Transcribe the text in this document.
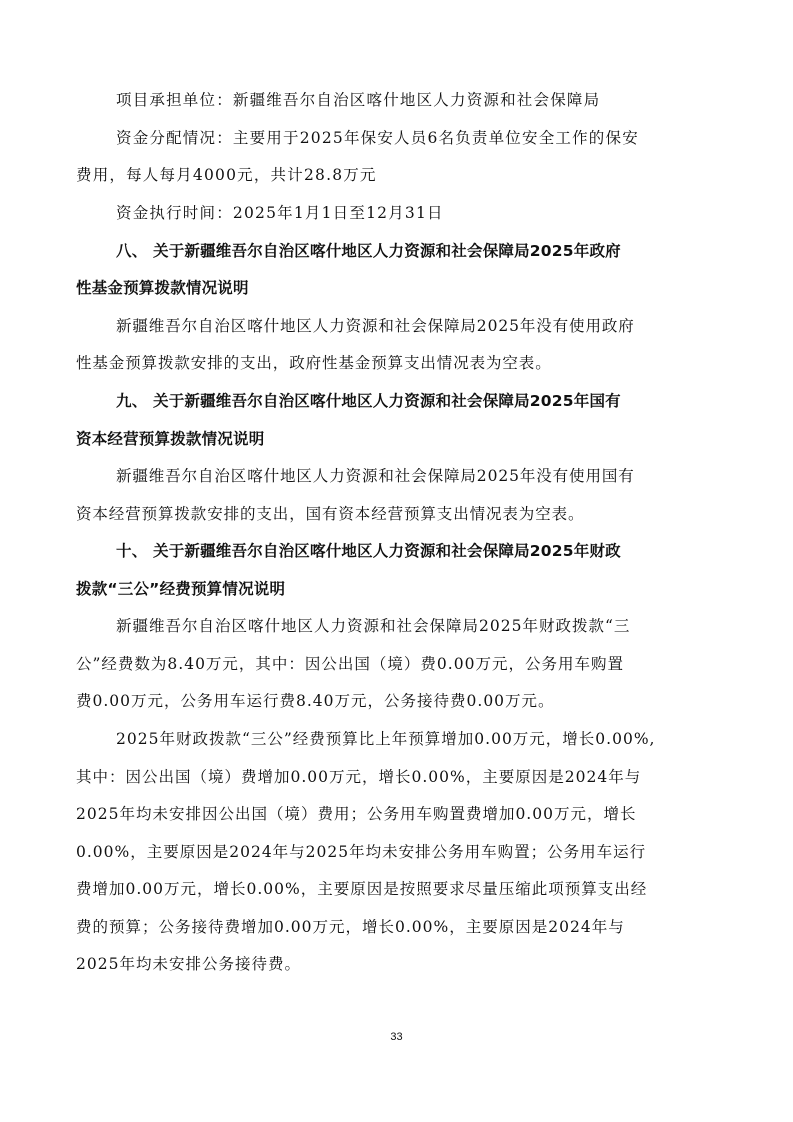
项目承担单位：新疆维吾尔自治区喀什地区人力资源和社会保障局
资金分配情况：主要用于2025年保安人员6名负责单位安全工作的保安
费用，每人每月4000元，共计28.8万元
资金执行时间：2025年1月1日至12月31日
八、 关于新疆维吾尔自治区喀什地区人力资源和社会保障局2025年政府
性基金预算拨款情况说明
新疆维吾尔自治区喀什地区人力资源和社会保障局2025年没有使用政府
性基金预算拨款安排的支出，政府性基金预算支出情况表为空表。
九、 关于新疆维吾尔自治区喀什地区人力资源和社会保障局2025年国有
资本经营预算拨款情况说明
新疆维吾尔自治区喀什地区人力资源和社会保障局2025年没有使用国有
资本经营预算拨款安排的支出，国有资本经营预算支出情况表为空表。
十、 关于新疆维吾尔自治区喀什地区人力资源和社会保障局2025年财政
拨款“三公”经费预算情况说明
新疆维吾尔自治区喀什地区人力资源和社会保障局2025年财政拨款“三
公”经费数为8.40万元，其中：因公出国（境）费0.00万元，公务用车购置
费0.00万元，公务用车运行费8.40万元，公务接待费0.00万元。
2025年财政拨款“三公”经费预算比上年预算增加0.00万元，增长0.00%,
其中：因公出国（境）费增加0.00万元，增长0.00%，主要原因是2024年与
2025年均未安排因公出国（境）费用；公务用车购置费增加0.00万元，增长
0.00%，主要原因是2024年与2025年均未安排公务用车购置；公务用车运行
费增加0.00万元，增长0.00%，主要原因是按照要求尽量压缩此项预算支出经
费的预算；公务接待费增加0.00万元，增长0.00%，主要原因是2024年与
2025年均未安排公务接待费。
33
